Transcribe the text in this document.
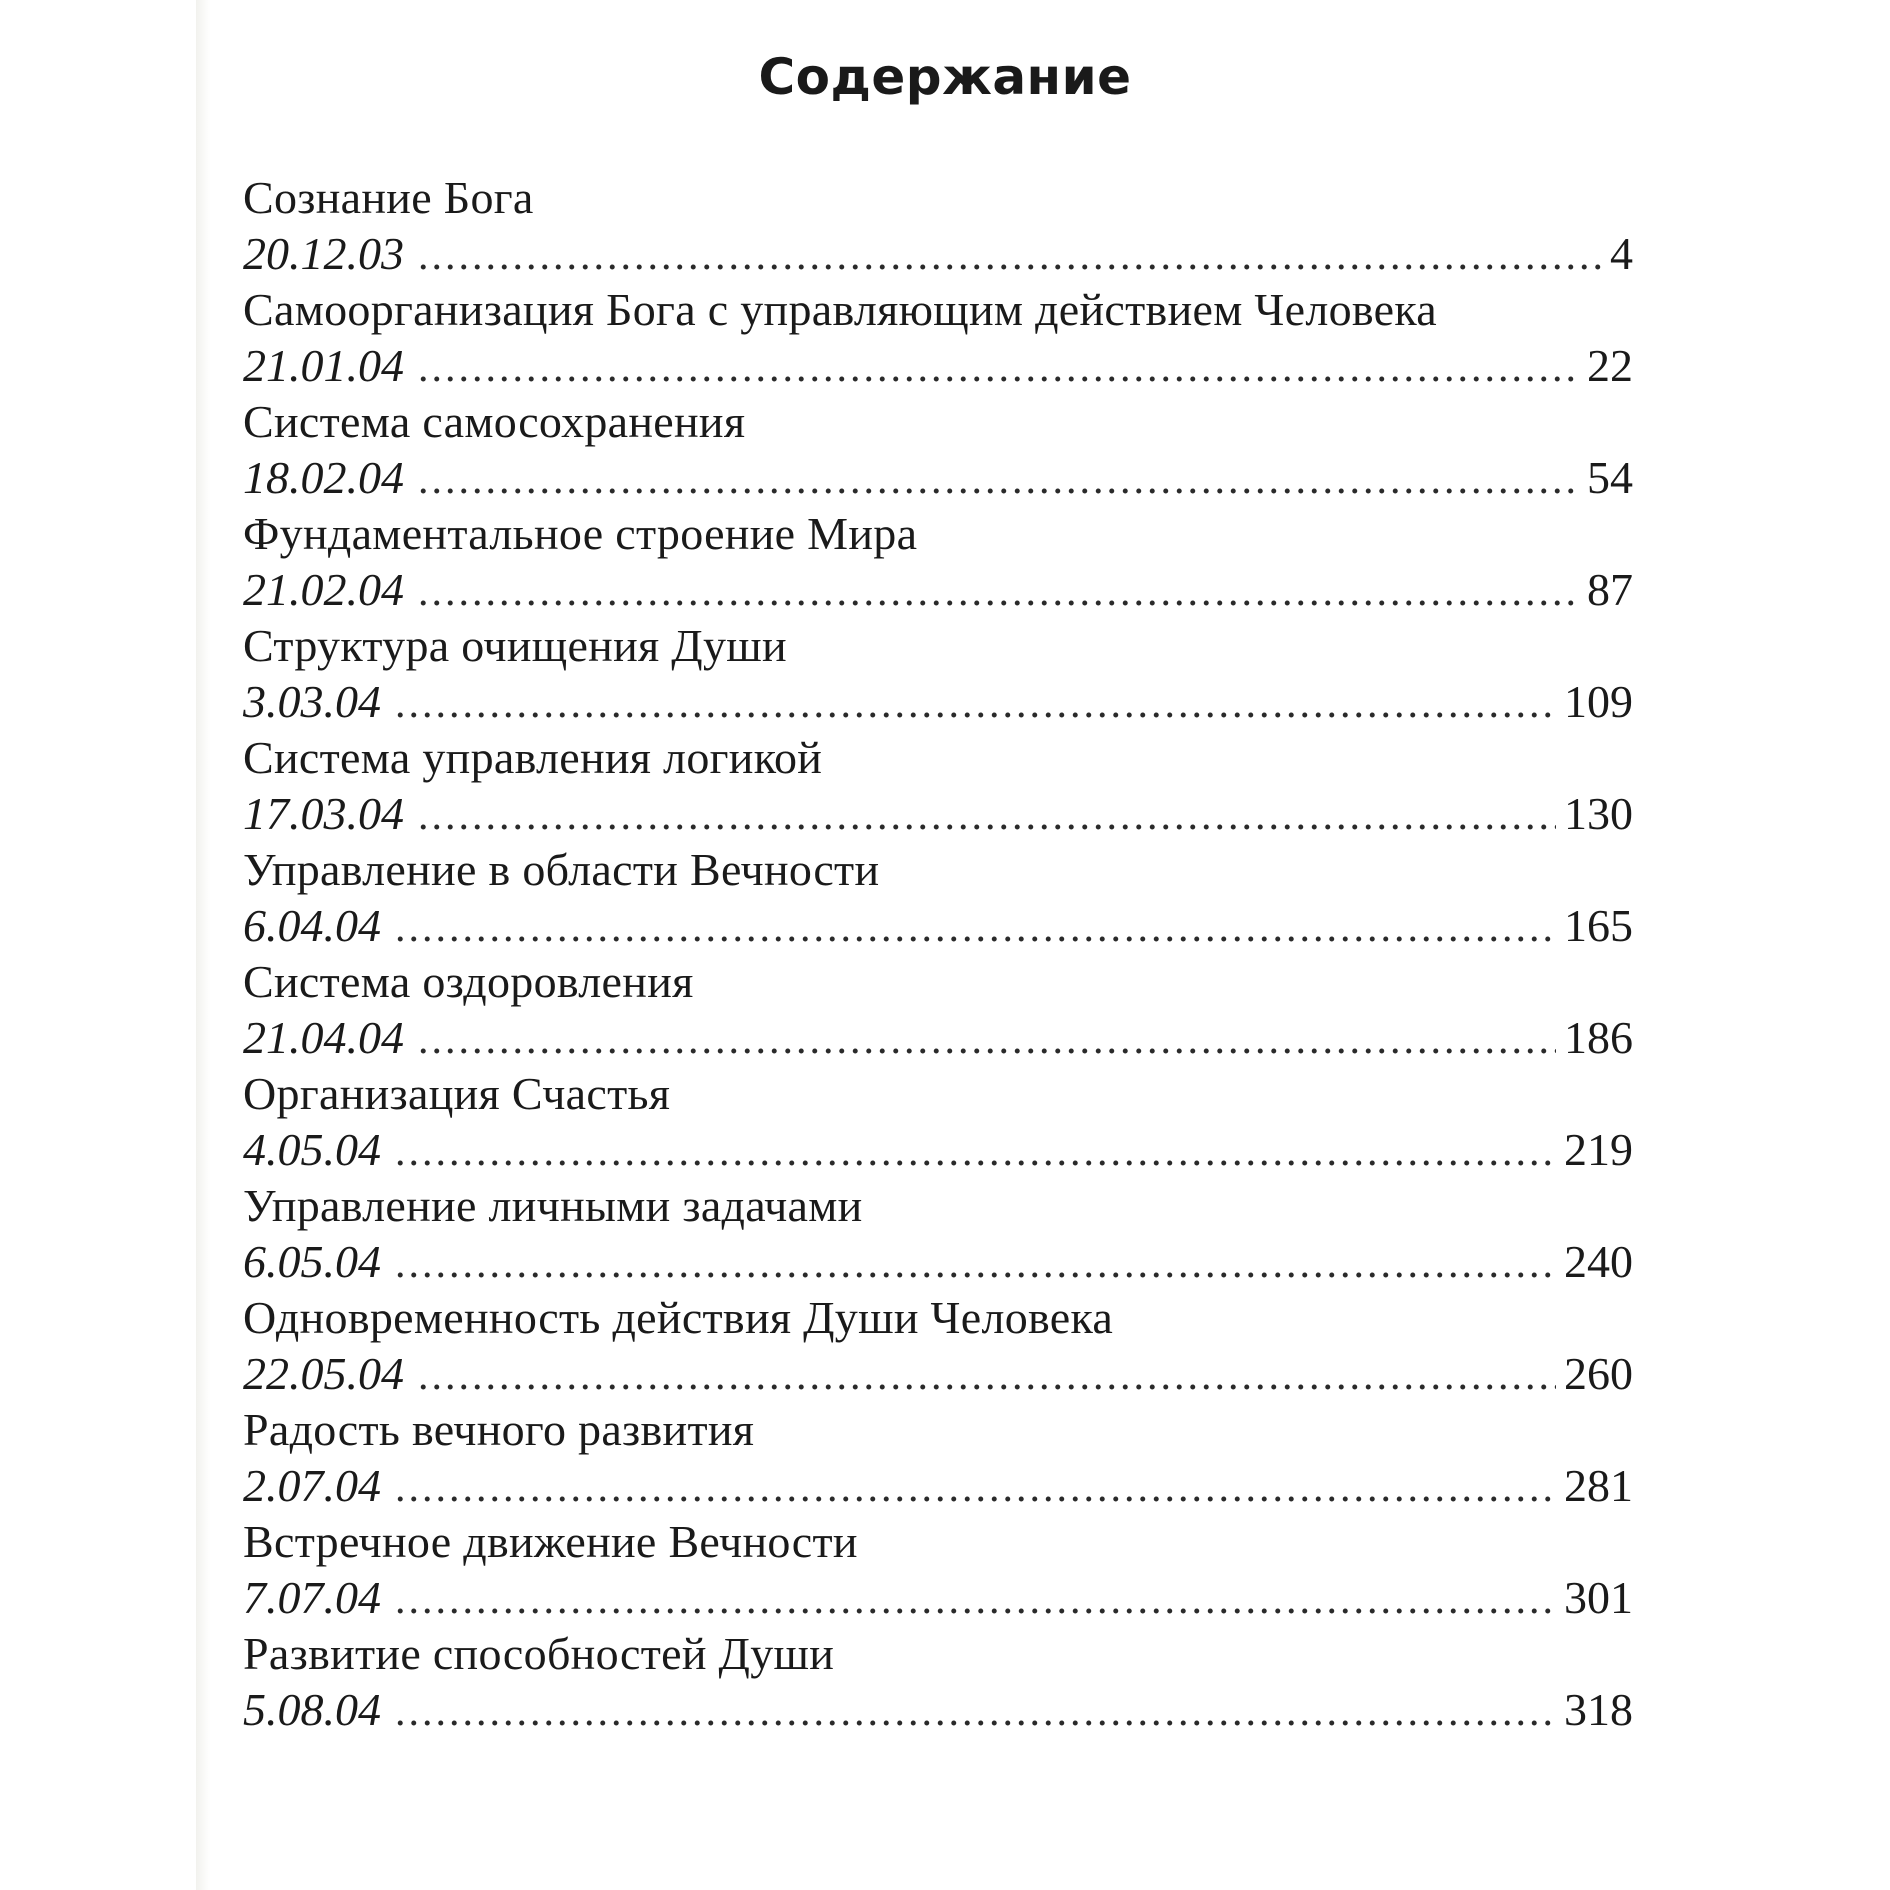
Содержание
Сознание Бога
20.12.03 .....	4
Самоорганизация Бога с управляющим действием Человека
21.01.04 .....	22
Система самосохранения
18.02.04 .....	54
Фундаментальное строение Мира
21.02.04 .....	87
Структура очищения Души
3.03.04 .....	109
Система управления логикой
17.03.04 .....	130
Управление в области Вечности
6.04.04 .....	165
Система оздоровления
21.04.04 .....	186
Организация Счастья
4.05.04 .....	219
Управление личными задачами
6.05.04 .....	240
Одновременность действия Души Человека
22.05.04 .....	260
Радость вечного развития
2.07.04 .....	281
Встречное движение Вечности
7.07.04 .....	301
Развитие способностей Души
5.08.04 .....	318
